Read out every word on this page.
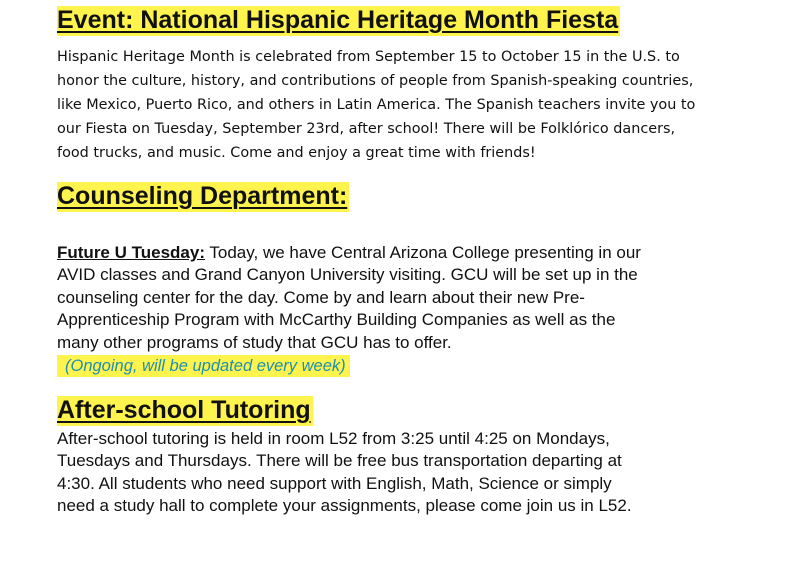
Event: National Hispanic Heritage Month Fiesta
Hispanic Heritage Month is celebrated from September 15 to October 15 in the U.S. to
honor the culture, history, and contributions of people from Spanish-speaking countries,
like Mexico, Puerto Rico, and others in Latin America. The Spanish teachers invite you to
our Fiesta on Tuesday, September 23rd, after school! There will be Folklórico dancers,
food trucks, and music. Come and enjoy a great time with friends!
Counseling Department:
Future U Tuesday: Today, we have Central Arizona College presenting in our
AVID classes and Grand Canyon University visiting. GCU will be set up in the
counseling center for the day. Come by and learn about their new Pre-
Apprenticeship Program with McCarthy Building Companies as well as the
many other programs of study that GCU has to offer.
(Ongoing, will be updated every week)
After-school Tutoring
After-school tutoring is held in room L52 from 3:25 until 4:25 on Mondays,
Tuesdays and Thursdays. There will be free bus transportation departing at
4:30. All students who need support with English, Math, Science or simply
need a study hall to complete your assignments, please come join us in L52.
